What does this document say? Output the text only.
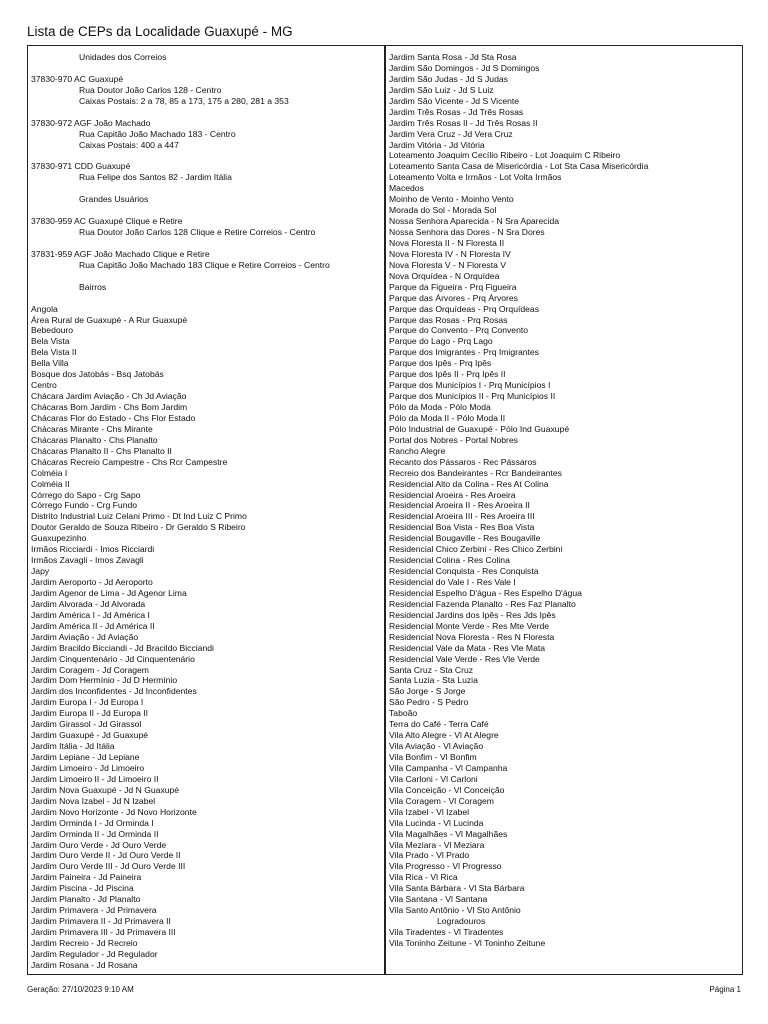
Lista de CEPs da Localidade Guaxupé - MG
Unidades dos Correios
37830-970 AC Guaxupé
Rua Doutor João Carlos 128 - Centro
Caixas Postais: 2 a 78, 85 a 173, 175 a 280, 281 a 353
37830-972 AGF João Machado
Rua Capitão João Machado 183 - Centro
Caixas Postais: 400 a 447
37830-971 CDD Guaxupé
Rua Felipe dos Santos 82 - Jardim Itália
Grandes Usuários
37830-959 AC Guaxupé Clique e Retire
Rua Doutor João Carlos 128 Clique e Retire Correios - Centro
37831-959 AGF João Machado Clique e Retire
Rua Capitão João Machado 183 Clique e Retire Correios - Centro
Bairros
Angola
Área Rural de Guaxupé - A Rur Guaxupé
Bebedouro
Bela Vista
Bela Vista II
Bella Villa
Bosque dos Jatobás - Bsq Jatobás
Centro
Chácara Jardim Aviação - Ch Jd Aviação
Chácaras Bom Jardim - Chs Bom Jardim
Chácaras Flor do Estado - Chs Flor Estado
Chácaras Mirante - Chs Mirante
Chácaras Planalto - Chs Planalto
Chácaras Planalto II - Chs Planalto II
Chácaras Recreio Campestre - Chs Rcr Campestre
Colméia I
Colméia II
Córrego do Sapo - Crg Sapo
Córrego Fundo - Crg Fundo
Distrito Industrial Luiz Celani Primo - Dt Ind Luiz C Primo
Doutor Geraldo de Souza Ribeiro - Dr Geraldo S Ribeiro
Guaxupezinho
Irmãos Ricciardi - Imos Ricciardi
Irmãos Zavagli - Imos Zavagli
Japy
Jardim Aeroporto - Jd Aeroporto
Jardim Agenor de Lima - Jd Agenor Lima
Jardim Alvorada - Jd Alvorada
Jardim América I - Jd América I
Jardim América II - Jd América II
Jardim Aviação - Jd Aviação
Jardim Bracildo Bicciandi - Jd Bracildo Bicciandi
Jardim Cinquentenário - Jd Cinquentenário
Jardim Coragem - Jd Coragem
Jardim Dom Hermínio - Jd D Hermínio
Jardim dos Inconfidentes - Jd Inconfidentes
Jardim Europa I - Jd Europa I
Jardim Europa II - Jd Europa II
Jardim Girassol - Jd Girassol
Jardim Guaxupé - Jd Guaxupé
Jardim Itália - Jd Itália
Jardim Lepiane - Jd Lepiane
Jardim Limoeiro - Jd Limoeiro
Jardim Limoeiro II - Jd Limoeiro II
Jardim Nova Guaxupé - Jd N Guaxupé
Jardim Nova Izabel - Jd N Izabel
Jardim Novo Horizonte - Jd Novo Horizonte
Jardim Orminda I - Jd Orminda I
Jardim Orminda II - Jd Orminda II
Jardim Ouro Verde - Jd Ouro Verde
Jardim Ouro Verde II - Jd Ouro Verde II
Jardim Ouro Verde III - Jd Ouro Verde III
Jardim Paineira - Jd Paineira
Jardim Piscina - Jd Piscina
Jardim Planalto - Jd Planalto
Jardim Primavera - Jd Primavera
Jardim Primavera II - Jd Primavera II
Jardim Primavera III - Jd Primavera III
Jardim Recreio - Jd Recreio
Jardim Regulador - Jd Regulador
Jardim Rosana - Jd Rosana
Jardim Santa Rosa - Jd Sta Rosa
Jardim São Domingos - Jd S Domingos
Jardim São Judas - Jd S Judas
Jardim São Luiz - Jd S Luiz
Jardim São Vicente - Jd S Vicente
Jardim Três Rosas - Jd Três Rosas
Jardim Três Rosas II - Jd Três Rosas II
Jardim Vera Cruz - Jd Vera Cruz
Jardim Vitória - Jd Vitória
Loteamento Joaquim Cecílio Ribeiro - Lot Joaquim C Ribeiro
Loteamento Santa Casa de Misericórdia - Lot Sta Casa Misericórdia
Loteamento Volta e Irmãos - Lot Volta Irmãos
Macedos
Moinho de Vento - Moinho Vento
Morada do Sol - Morada Sol
Nossa Senhora Aparecida - N Sra Aparecida
Nossa Senhora das Dores - N Sra Dores
Nova Floresta II - N Floresta II
Nova Floresta IV - N Floresta IV
Nova Floresta V - N Floresta V
Nova Orquídea - N Orquídea
Parque da Figueira - Prq Figueira
Parque das Árvores - Prq Árvores
Parque das Orquídeas - Prq Orquídeas
Parque das Rosas - Prq Rosas
Parque do Convento - Prq Convento
Parque do Lago - Prq Lago
Parque dos Imigrantes - Prq Imigrantes
Parque dos Ipês - Prq Ipês
Parque dos Ipês II - Prq Ipês II
Parque dos Municípios I - Prq Municípios I
Parque dos Municípios II - Prq Municípios II
Pólo da Moda - Pólo Moda
Pólo da Moda II - Pólo Moda II
Pólo Industrial de Guaxupé - Pólo Ind Guaxupé
Portal dos Nobres - Portal Nobres
Rancho Alegre
Recanto dos Pássaros - Rec Pássaros
Recreio dos Bandeirantes - Rcr Bandeirantes
Residencial Alto da Colina - Res At Colina
Residencial Aroeira - Res Aroeira
Residencial Aroeira II - Res Aroeira II
Residencial Aroeira III - Res Aroeira III
Residencial Boa Vista - Res Boa Vista
Residencial Bougaville - Res Bougaville
Residencial Chico Zerbini - Res Chico Zerbini
Residencial Colina - Res Colina
Residencial Conquista - Res Conquista
Residencial do Vale I - Res Vale I
Residencial Espelho D'água - Res Espelho D'água
Residencial Fazenda Planalto - Res Faz Planalto
Residencial Jardins dos Ipês - Res Jds Ipês
Residencial Monte Verde - Res Mte Verde
Residencial Nova Floresta - Res N Floresta
Residencial Vale da Mata - Res Vle Mata
Residencial Vale Verde - Res Vle Verde
Santa Cruz - Sta Cruz
Santa Luzia - Sta Luzia
São Jorge - S Jorge
São Pedro - S Pedro
Taboão
Terra do Café - Terra Café
Vila Alto Alegre - Vl At Alegre
Vila Aviação - Vl Aviação
Vila Bonfim - Vl Bonfim
Vila Campanha - Vl Campanha
Vila Carloni - Vl Carloni
Vila Conceição - Vl Conceição
Vila Coragem - Vl Coragem
Vila Izabel - Vl Izabel
Vila Lucinda - Vl Lucinda
Vila Magalhães - Vl Magalhães
Vila Meziara - Vl Meziara
Vila Prado - Vl Prado
Vila Progresso - Vl Progresso
Vila Rica - Vl Rica
Vila Santa Bárbara - Vl Sta Bárbara
Vila Santana - Vl Santana
Vila Santo Antônio - Vl Sto Antônio
Logradouros
Vila Tiradentes - Vl Tiradentes
Vila Toninho Zeitune - Vl Toninho Zeitune
Geração: 27/10/2023 9:10 AM	Página 1
